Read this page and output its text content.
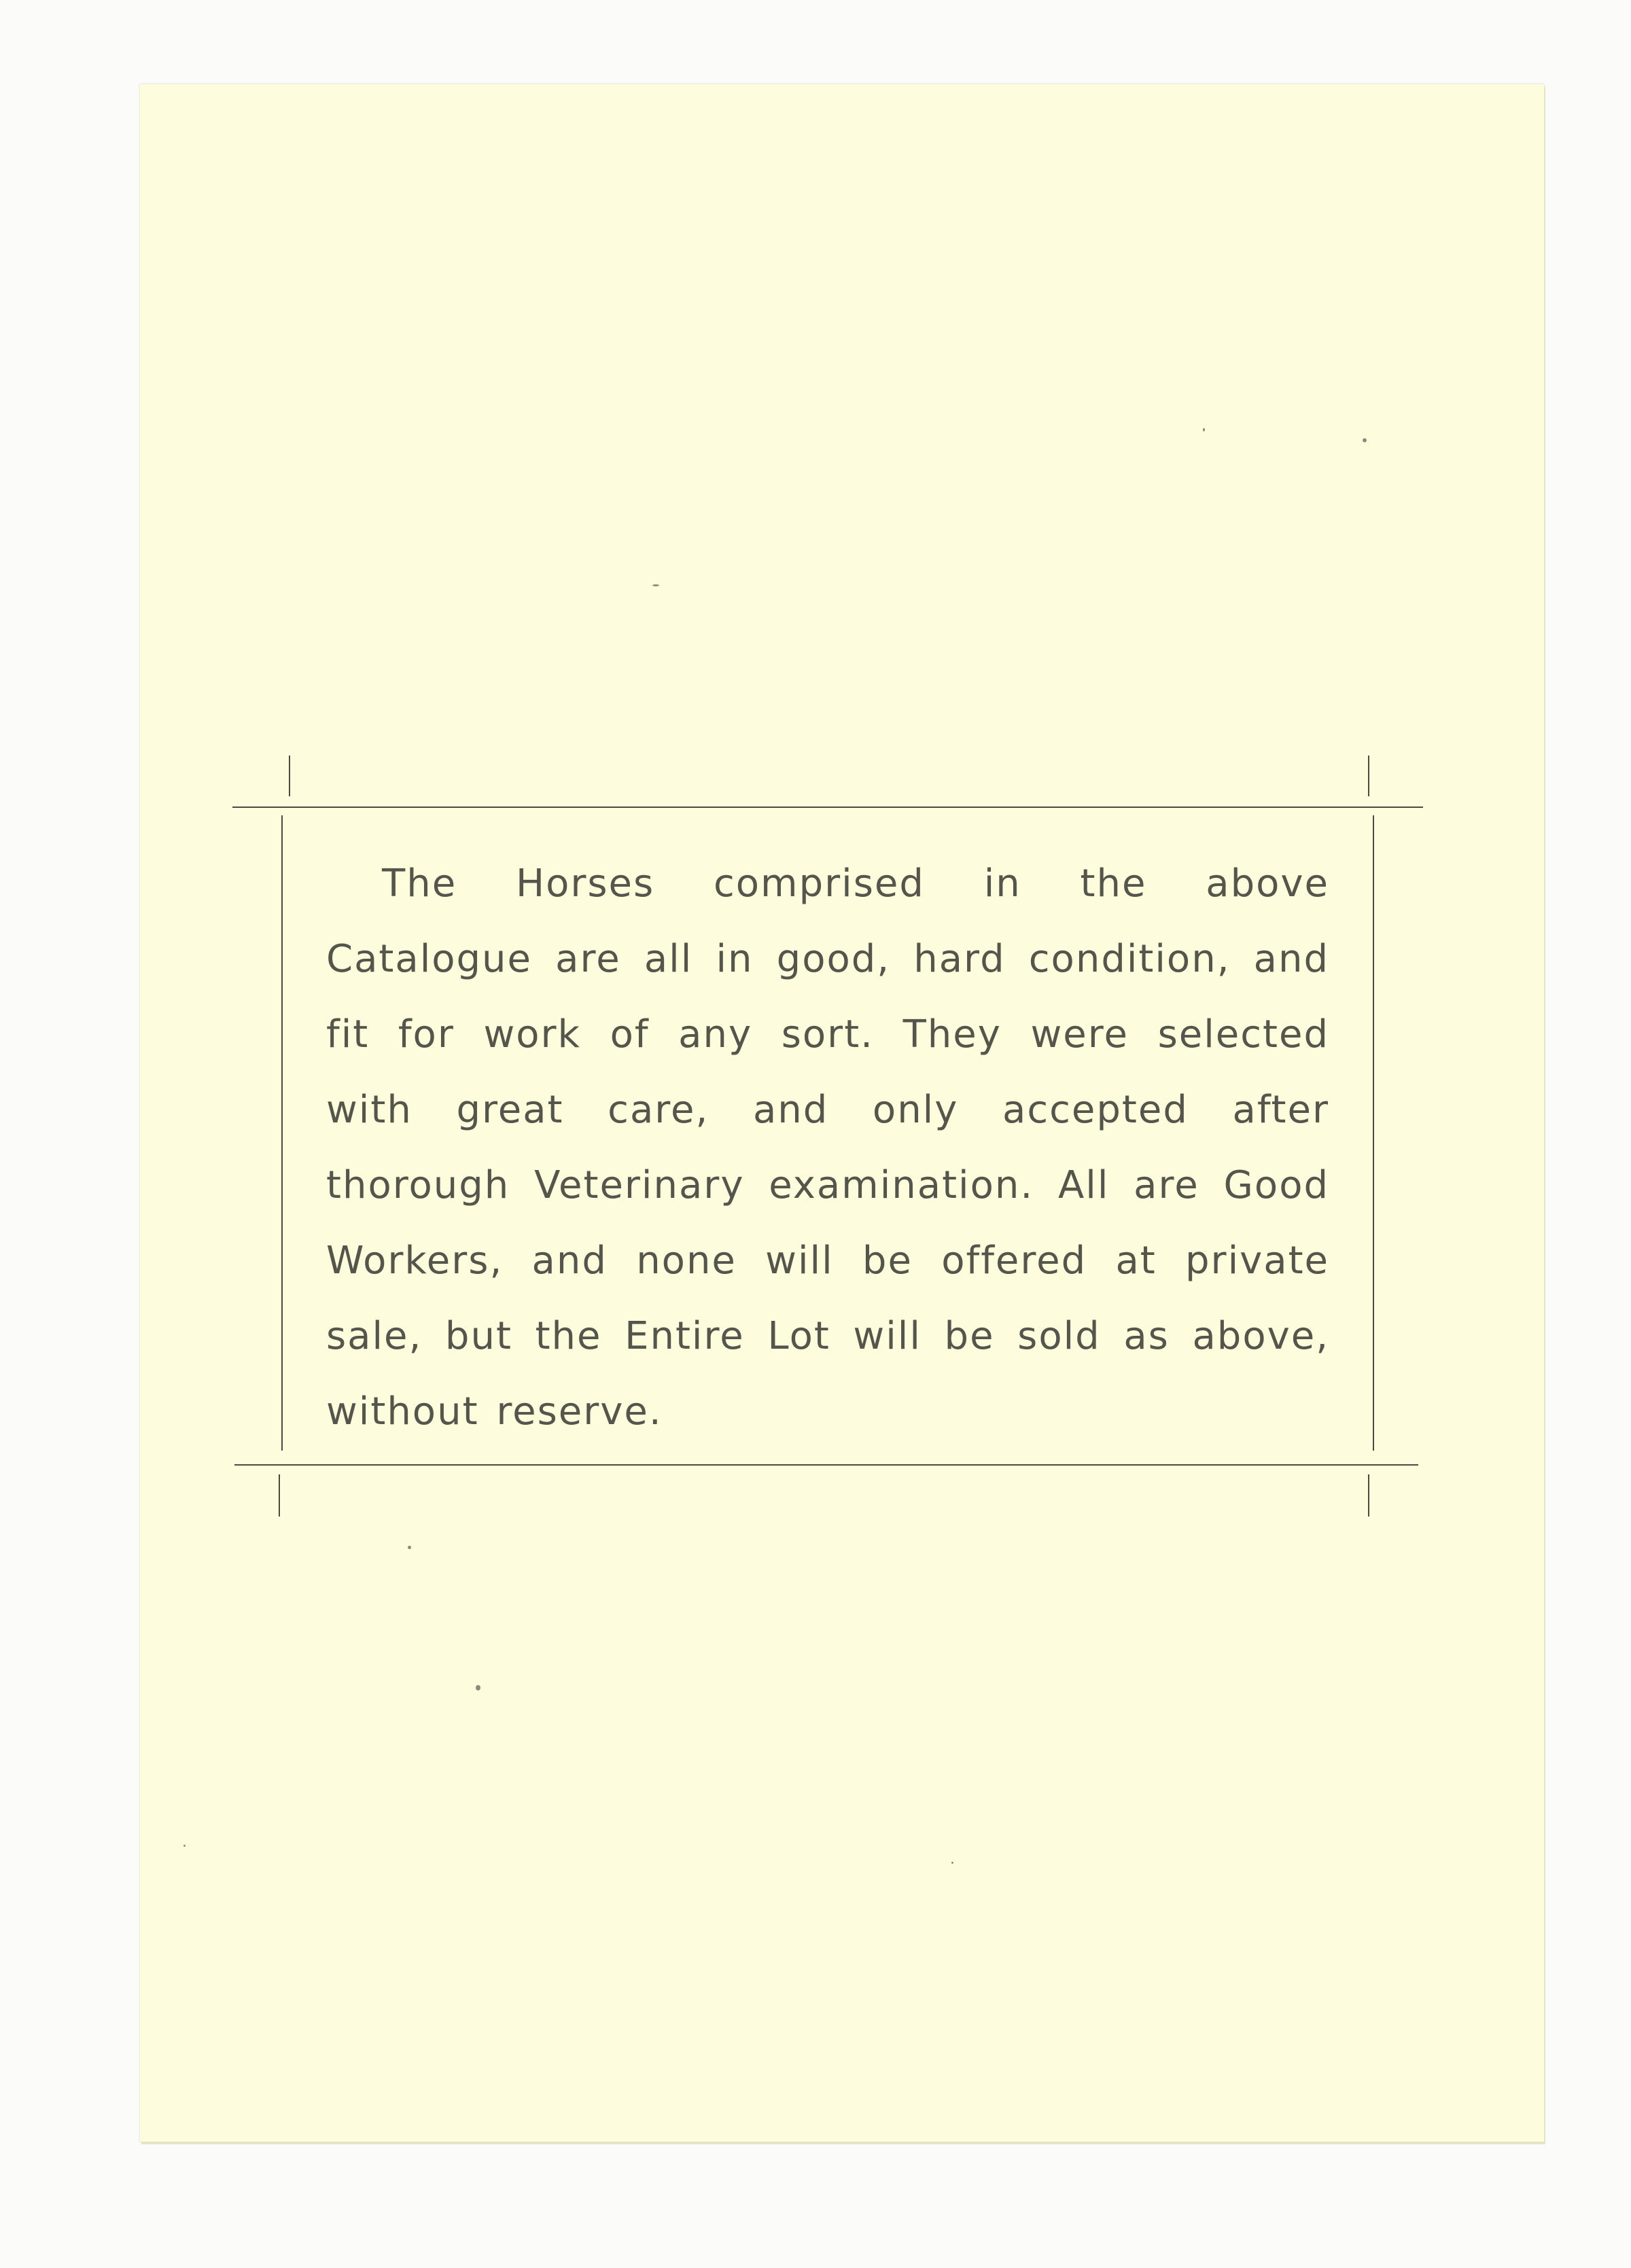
The Horses comprised in the above Catalogue are all in good, hard condition, and fit for work of any sort. They were selected with great care, and only accepted after thorough Veterinary examination. All are Good Workers, and none will be offered at private sale, but the Entire Lot will be sold as above, without reserve.
